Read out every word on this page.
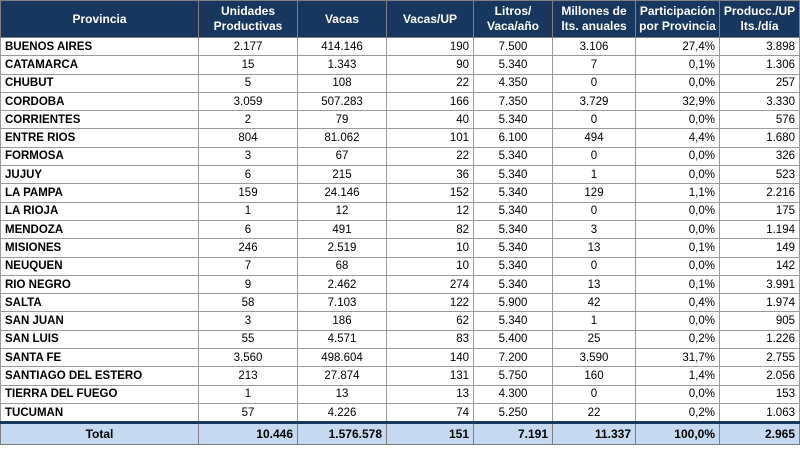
Provincia	Unidades Productivas	Vacas	Vacas/UP	Litros/ Vaca/año	Millones de lts. anuales	Participación por Provincia	Producc./UP lts./día
BUENOS AIRES	2.177	414.146	190	7.500	3.106	27,4%	3.898
CATAMARCA	15	1.343	90	5.340	7	0,1%	1.306
CHUBUT	5	108	22	4.350	0	0,0%	257
CORDOBA	3.059	507.283	166	7.350	3.729	32,9%	3.330
CORRIENTES	2	79	40	5.340	0	0,0%	576
ENTRE RIOS	804	81.062	101	6.100	494	4,4%	1.680
FORMOSA	3	67	22	5.340	0	0,0%	326
JUJUY	6	215	36	5.340	1	0,0%	523
LA PAMPA	159	24.146	152	5.340	129	1,1%	2.216
LA RIOJA	1	12	12	5.340	0	0,0%	175
MENDOZA	6	491	82	5.340	3	0,0%	1.194
MISIONES	246	2.519	10	5.340	13	0,1%	149
NEUQUEN	7	68	10	5.340	0	0,0%	142
RIO NEGRO	9	2.462	274	5.340	13	0,1%	3.991
SALTA	58	7.103	122	5.900	42	0,4%	1.974
SAN JUAN	3	186	62	5.340	1	0,0%	905
SAN LUIS	55	4.571	83	5.400	25	0,2%	1.226
SANTA FE	3.560	498.604	140	7.200	3.590	31,7%	2.755
SANTIAGO DEL ESTERO	213	27.874	131	5.750	160	1,4%	2.056
TIERRA DEL FUEGO	1	13	13	4.300	0	0,0%	153
TUCUMAN	57	4.226	74	5.250	22	0,2%	1.063
Total	10.446	1.576.578	151	7.191	11.337	100,0%	2.965
